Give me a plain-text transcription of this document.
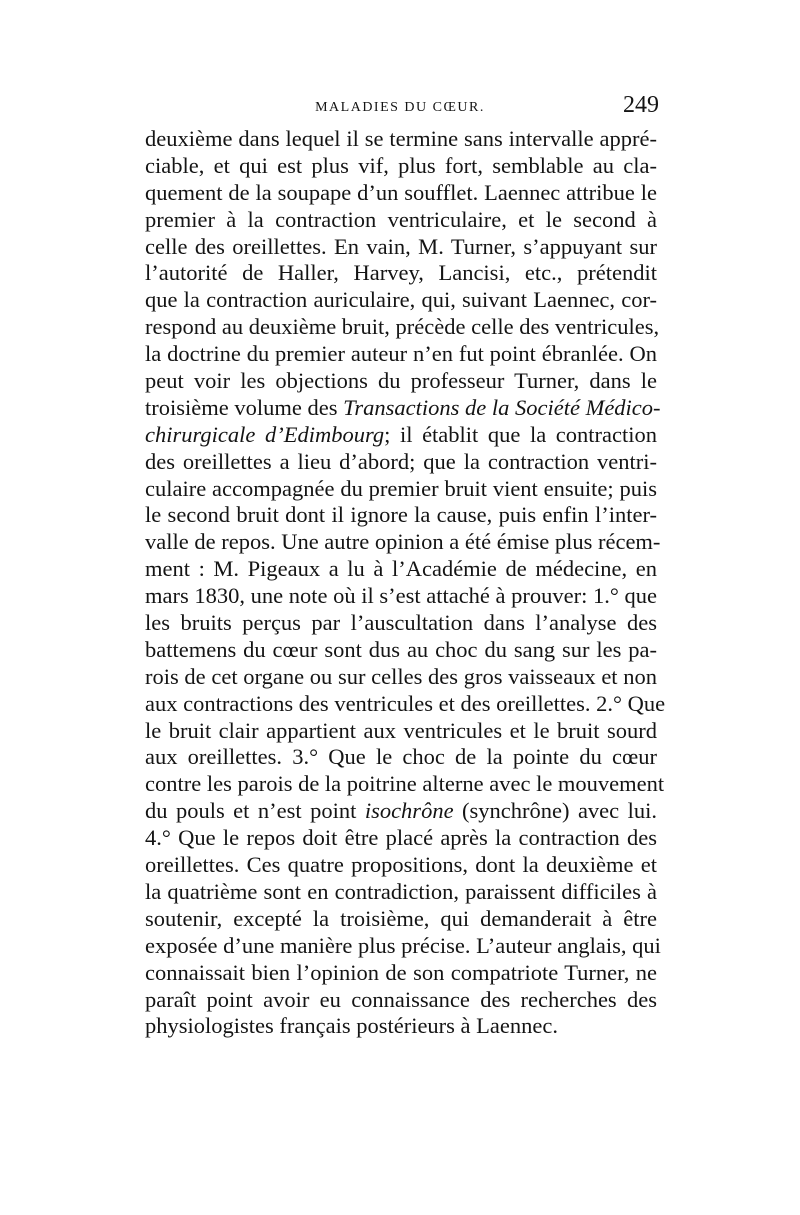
MALADIES DU CŒUR.	249
deuxième dans lequel il se termine sans intervalle appré-
ciable, et qui est plus vif, plus fort, semblable au cla-
quement de la soupape d’un soufflet. Laennec attribue le
premier à la contraction ventriculaire, et le second à
celle des oreillettes. En vain, M. Turner, s’appuyant sur
l’autorité de Haller, Harvey, Lancisi, etc., prétendit
que la contraction auriculaire, qui, suivant Laennec, cor-
respond au deuxième bruit, précède celle des ventricules,
la doctrine du premier auteur n’en fut point ébranlée. On
peut voir les objections du professeur Turner, dans le
troisième volume des Transactions de la Société Médico-
chirurgicale d’Edimbourg; il établit que la contraction
des oreillettes a lieu d’abord; que la contraction ventri-
culaire accompagnée du premier bruit vient ensuite; puis
le second bruit dont il ignore la cause, puis enfin l’inter-
valle de repos. Une autre opinion a été émise plus récem-
ment : M. Pigeaux a lu à l’Académie de médecine, en
mars 1830, une note où il s’est attaché à prouver: 1.° que
les bruits perçus par l’auscultation dans l’analyse des
battemens du cœur sont dus au choc du sang sur les pa-
rois de cet organe ou sur celles des gros vaisseaux et non
aux contractions des ventricules et des oreillettes. 2.° Que
le bruit clair appartient aux ventricules et le bruit sourd
aux oreillettes. 3.° Que le choc de la pointe du cœur
contre les parois de la poitrine alterne avec le mouvement
du pouls et n’est point isochrône (synchrône) avec lui.
4.° Que le repos doit être placé après la contraction des
oreillettes. Ces quatre propositions, dont la deuxième et
la quatrième sont en contradiction, paraissent difficiles à
soutenir, excepté la troisième, qui demanderait à être
exposée d’une manière plus précise. L’auteur anglais, qui
connaissait bien l’opinion de son compatriote Turner, ne
paraît point avoir eu connaissance des recherches des
physiologistes français postérieurs à Laennec.
